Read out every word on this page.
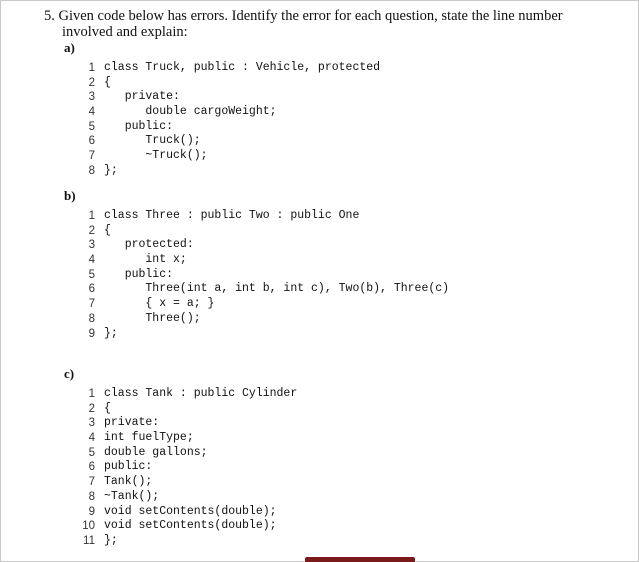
5. Given code below has errors. Identify the error for each question, state the line number
involved and explain:
a)
1 class Truck, public : Vehicle, protected
2 {
3 private:
4 double cargoWeight;
5 public:
6 Truck();
7 ~Truck();
8 };
b)
1 class Three : public Two : public One
2 {
3 protected:
4 int x;
5 public:
6 Three(int a, int b, int c), Two(b), Three(c)
7 { x = a; }
8 Three();
9 };
c)
1 class Tank : public Cylinder
2 {
3 private:
4 int fuelType;
5 double gallons;
6 public:
7 Tank();
8 ~Tank();
9 void setContents(double);
10 void setContents(double);
11 };
